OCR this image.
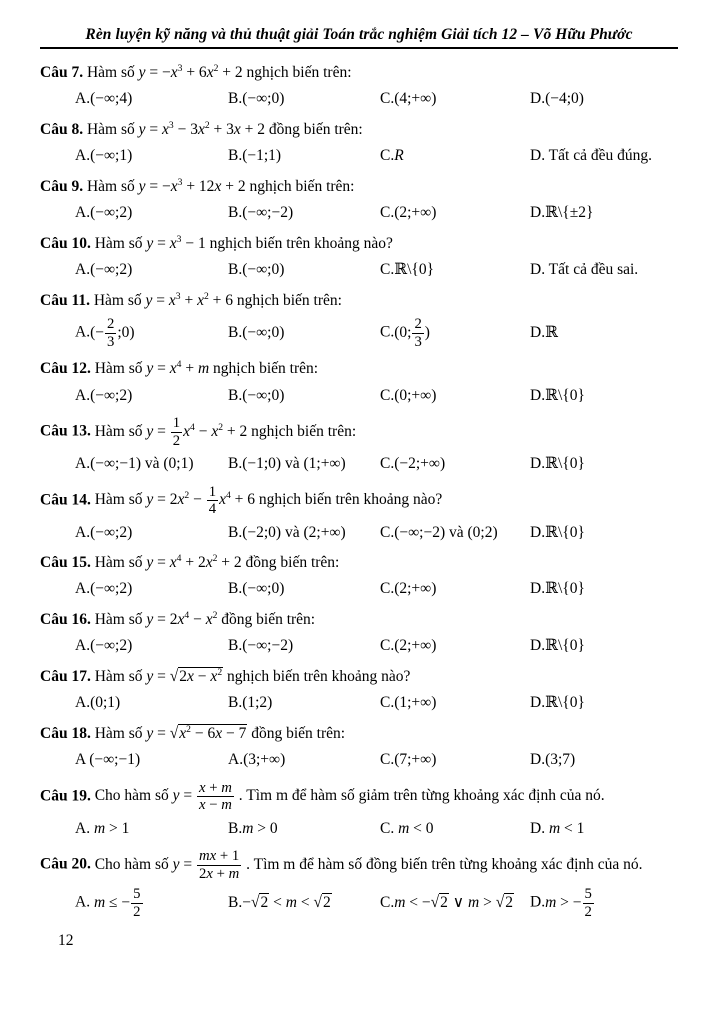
Rèn luyện kỹ năng và thủ thuật giải Toán trắc nghiệm Giải tích 12 – Võ Hữu Phước

Câu 7. Hàm số $y = -x^3 + 6x^2 + 2$ nghịch biến trên:

A.(−∞;4)	B.(−∞;0)	C.(4;+∞)	D.(−4;0)

Câu 8. Hàm số $y = x^3 - 3x^2 + 3x + 2$ đồng biến trên:

A.(−∞;1)	B.(−1;1)	C.R	D. Tất cả đều đúng.

Câu 9. Hàm số $y = -x^3 + 12x + 2$ nghịch biến trên:

A.(−∞;2)	B.(−∞;−2)	C.(2;+∞)	D.ℝ\{±2}

Câu 10. Hàm số $y = x^3 - 1$ nghịch biến trên khoảng nào?

A.(−∞;2)	B.(−∞;0)	C.ℝ\{0}	D. Tất cả đều sai.

Câu 11. Hàm số $y = x^3 + x^2 + 6$ nghịch biến trên:

$A.(- \frac{2}{3}$ ;0)	B.(−∞;0)	C.(0; $\frac{2}{3}$ )	D.ℝ

Câu 12. Hàm số $y = x^4 + m$ nghịch biến trên:

A.(−∞;2)	B.(−∞;0)	C.(0;+∞)	D.ℝ\{0}

Câu 13. Hàm số $y = \frac{1}{2} x^4 - x^2 + 2$ nghịch biến trên:

A.(−∞;−1) và (0;1)	B.(−1;0) và (1;+∞)	C.(−2;+∞)	D.ℝ\{0}

Câu 14. Hàm số $y = 2x^2 - \frac{1}{4} x^4 + 6$ nghịch biến trên khoảng nào?

A.(−∞;2)	B.(−2;0) và (2;+∞)	C.(−∞;−2) và (0;2)	D.ℝ\{0}

Câu 15. Hàm số $y = x^4 + 2x^2 + 2$ đồng biến trên:

A.(−∞;2)	B.(−∞;0)	C.(2;+∞)	D.ℝ\{0}

Câu 16. Hàm số $y = 2x^4 - x^2$ đồng biến trên:

A.(−∞;2)	B.(−∞;−2)	C.(2;+∞)	D.ℝ\{0}

Câu 17. Hàm số $y = √2x - x^2$ nghịch biến trên khoảng nào?

A.(0;1)	B.(1;2)	C.(1;+∞)	D.ℝ\{0}

Câu 18. Hàm số $y = √x^2 - 6x - 7$ đồng biến trên:

A (−∞;−1)	A.(3;+∞)	C.(7;+∞)	D.(3;7)

Câu 19. Cho hàm số $y = \frac{x + m}{x - m}$ . Tìm m để hàm số giảm trên từng khoảng xác định của nó.

A. m > 1	B.m > 0	C. m < 0	D. m < 1

Câu 20. Cho hàm số $y = \frac{mx + 1}{2x + m}$ . Tìm m để hàm số đồng biến trên từng khoảng xác định của nó.

A. m ≤ − $\frac{5}{2}$	B.−√2 < m < √2	C.m < −√2 ∨ m > √2	D.m > − $\frac{5}{2}$
12
